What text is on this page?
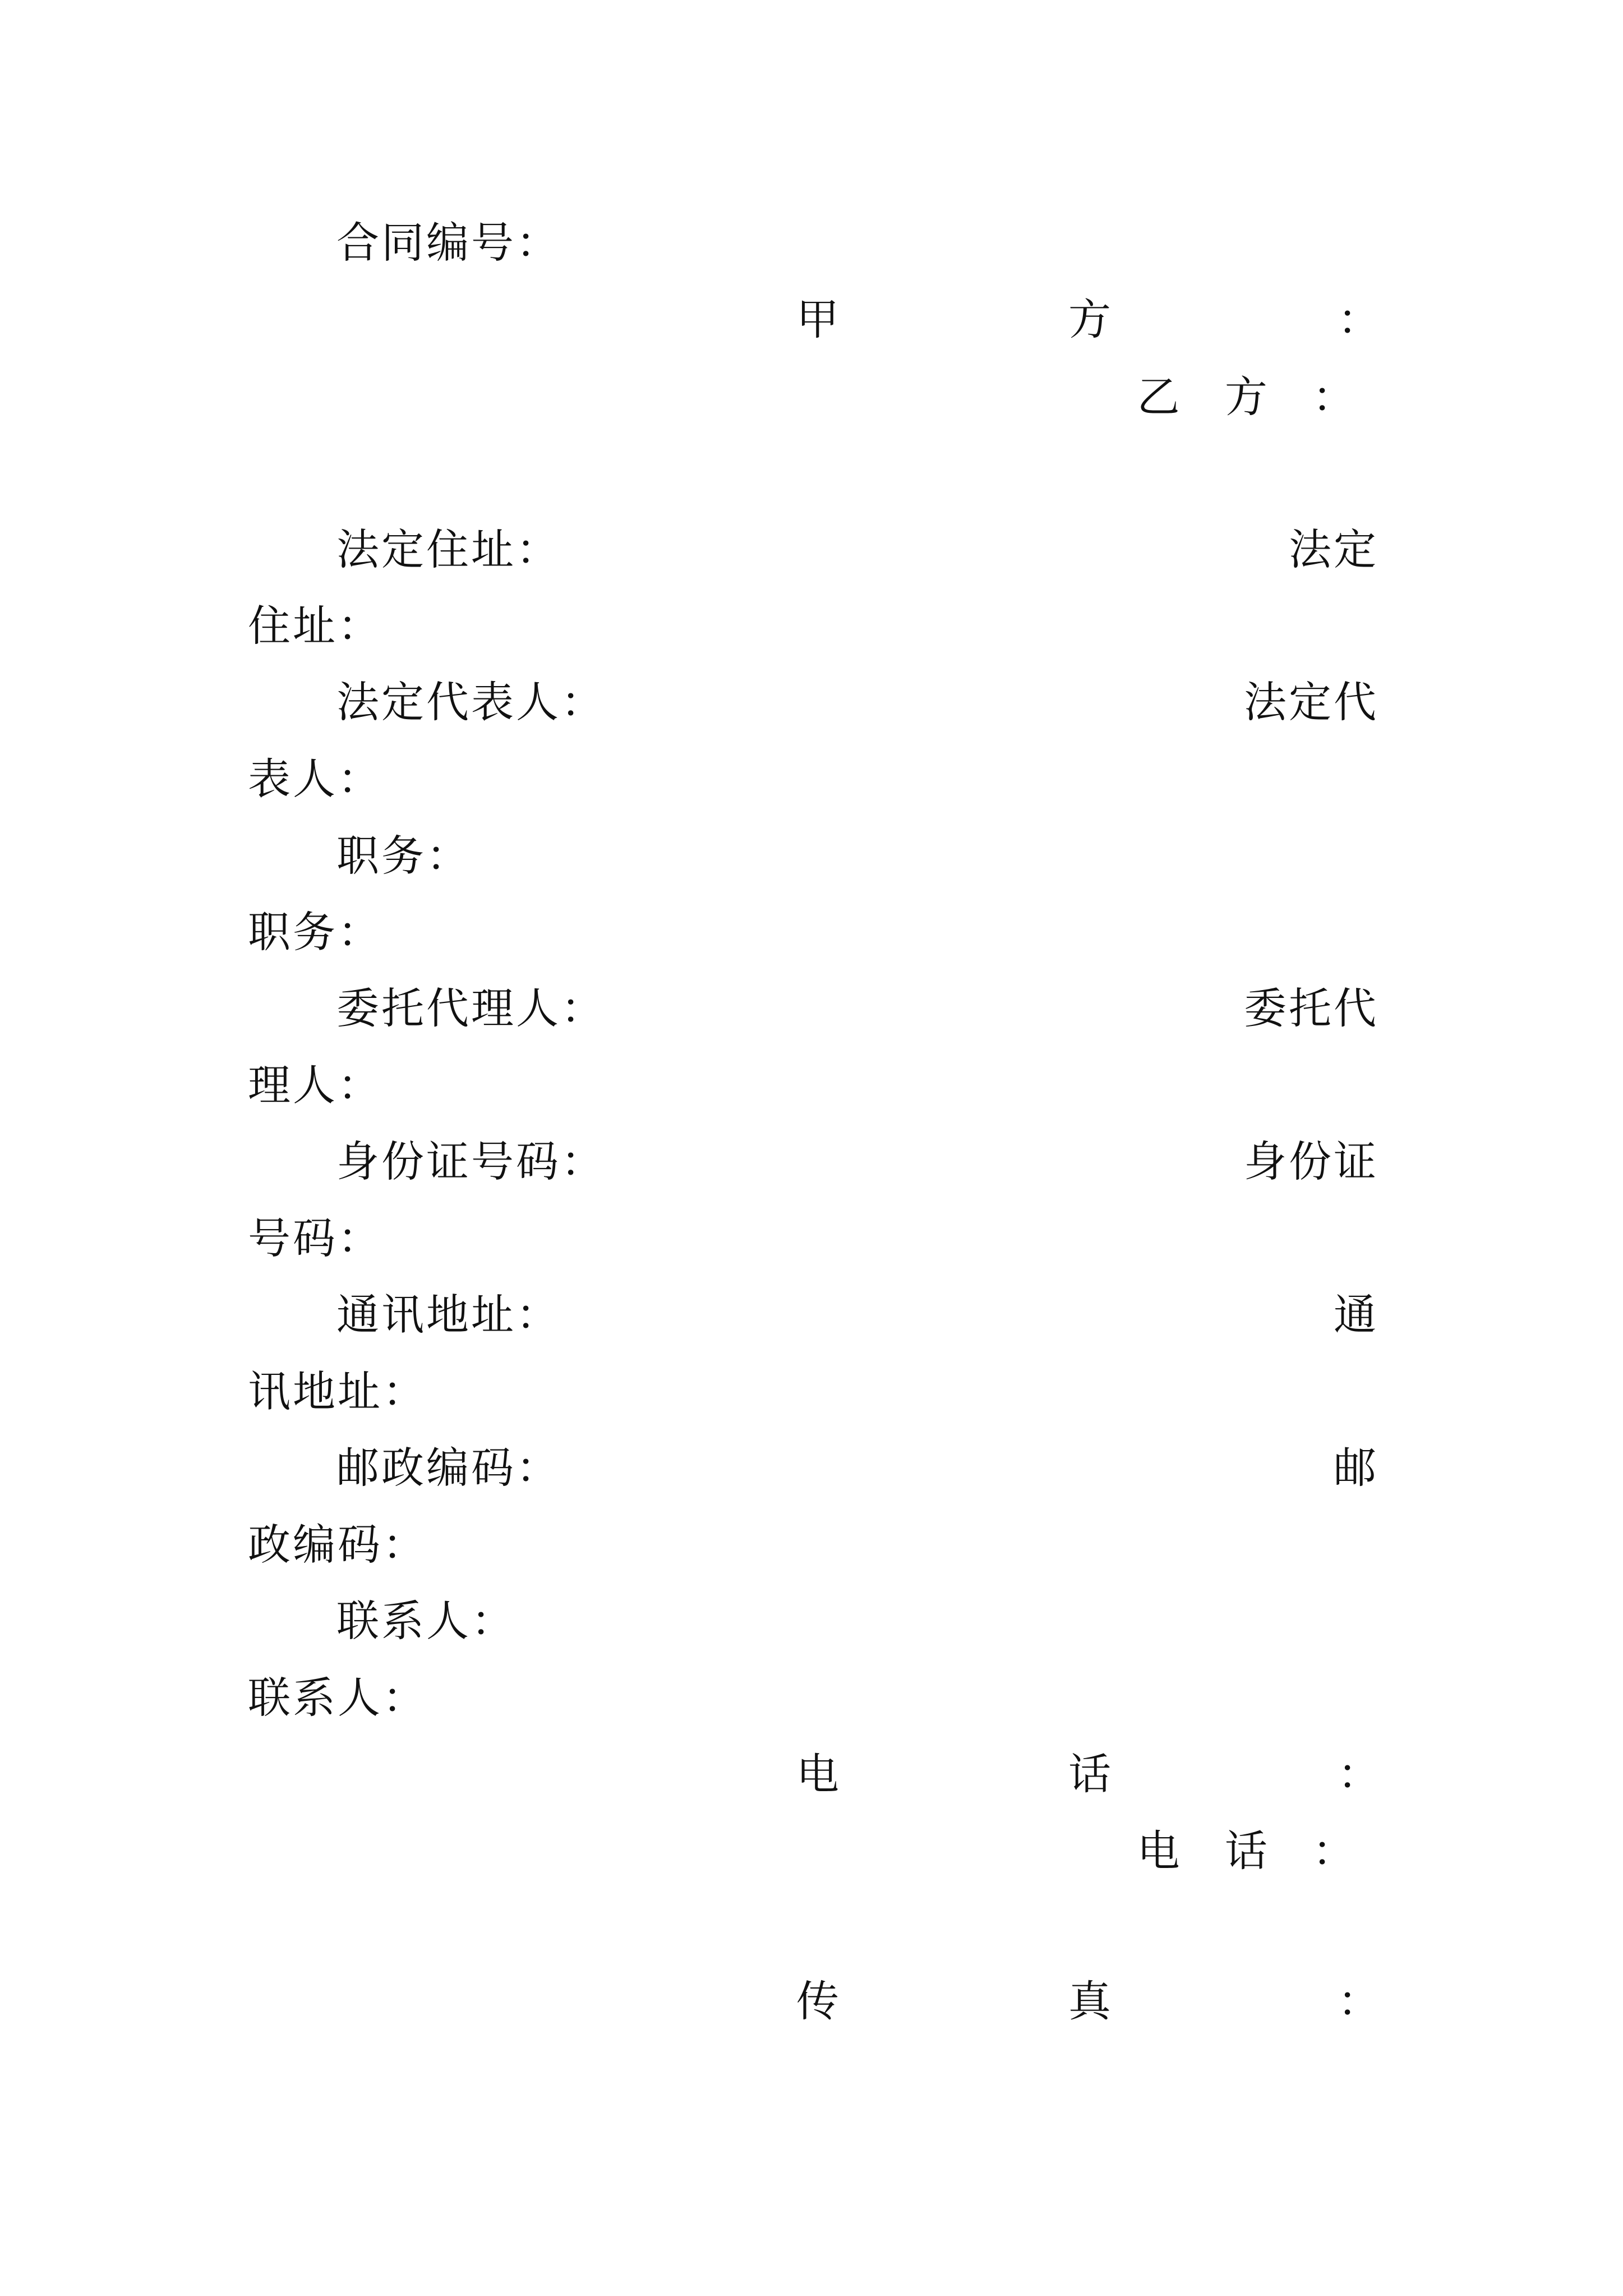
合同编号：
甲	方	：
乙 方 ：
法定住址：	法定
住址：
法定代表人：	法定代
表人：
职务：
职务：
委托代理人：	委托代
理人：
身份证号码：	身份证
号码：
通讯地址：	通
讯地址：
邮政编码：	邮
政编码：
联系人：
联系人：
电	话	：
电 话 ：
传	真	：
